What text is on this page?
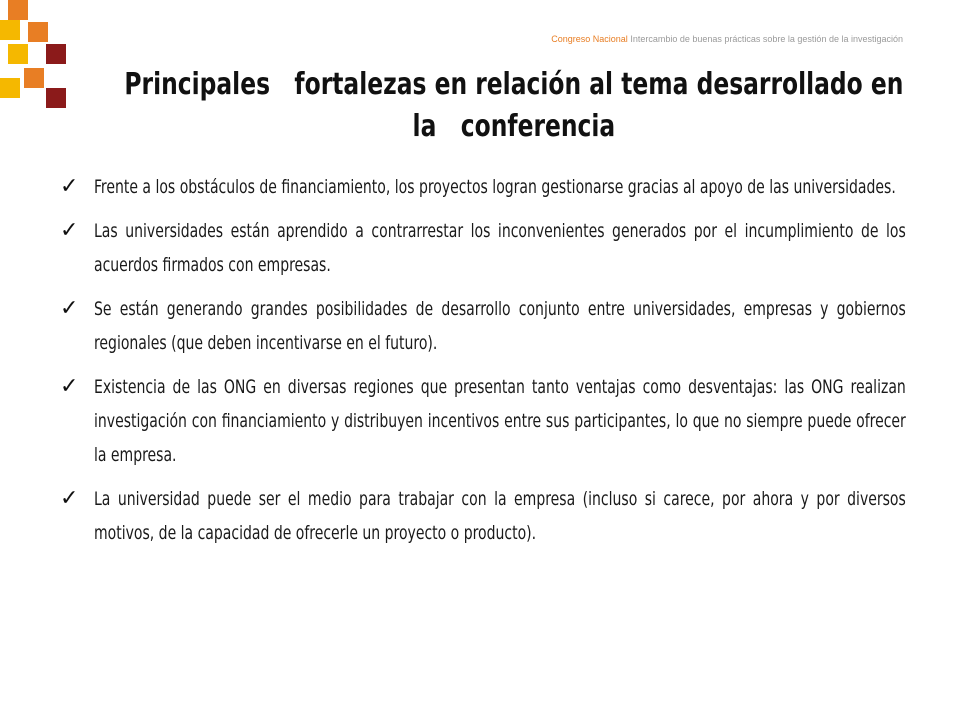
Congreso Nacional Intercambio de buenas prácticas sobre la gestión de la investigación
Principales   fortalezas en relación al tema desarrollado en
la   conferencia
✓ Frente a los obstáculos de financiamiento, los proyectos logran gestionarse gracias al apoyo de las universidades.
✓ Las universidades están aprendido a contrarrestar los inconvenientes generados por el incumplimiento de los acuerdos firmados con empresas.
✓ Se están generando grandes posibilidades de desarrollo conjunto entre universidades, empresas y gobiernos regionales (que deben incentivarse en el futuro).
✓ Existencia de las ONG en diversas regiones que presentan tanto ventajas como desventajas: las ONG realizan investigación con financiamiento y distribuyen incentivos entre sus participantes, lo que no siempre puede ofrecer la empresa.
✓ La universidad puede ser el medio para trabajar con la empresa (incluso si carece, por ahora y por diversos motivos, de la capacidad de ofrecerle un proyecto o producto).
